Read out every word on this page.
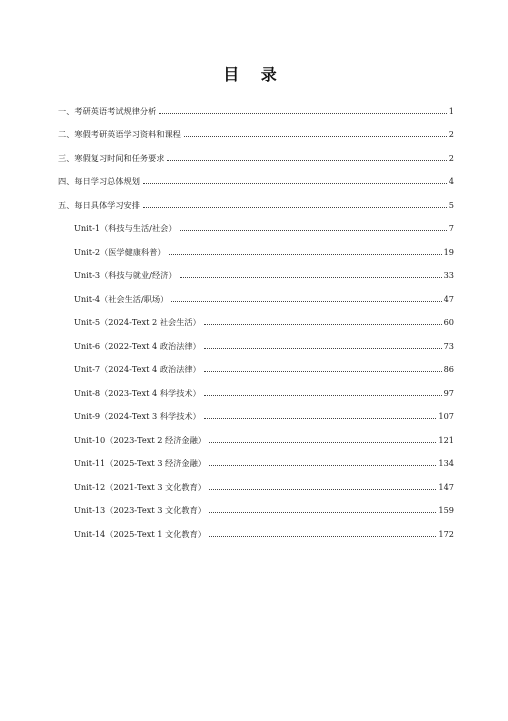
目 录
一、考研英语考试规律分析	1
二、寒假考研英语学习资料和课程	2
三、寒假复习时间和任务要求	2
四、每日学习总体规划	4
五、每日具体学习安排	5
Unit-1（科技与生活/社会）	7
Unit-2（医学健康科普）	19
Unit-3（科技与就业/经济）	33
Unit-4（社会生活/职场）	47
Unit-5（2024-Text 2 社会生活）	60
Unit-6（2022-Text 4 政治法律）	73
Unit-7（2024-Text 4 政治法律）	86
Unit-8（2023-Text 4 科学技术）	97
Unit-9（2024-Text 3 科学技术）	107
Unit-10（2023-Text 2 经济金融）	121
Unit-11（2025-Text 3 经济金融）	134
Unit-12（2021-Text 3 文化教育）	147
Unit-13（2023-Text 3 文化教育）	159
Unit-14（2025-Text 1 文化教育）	172
